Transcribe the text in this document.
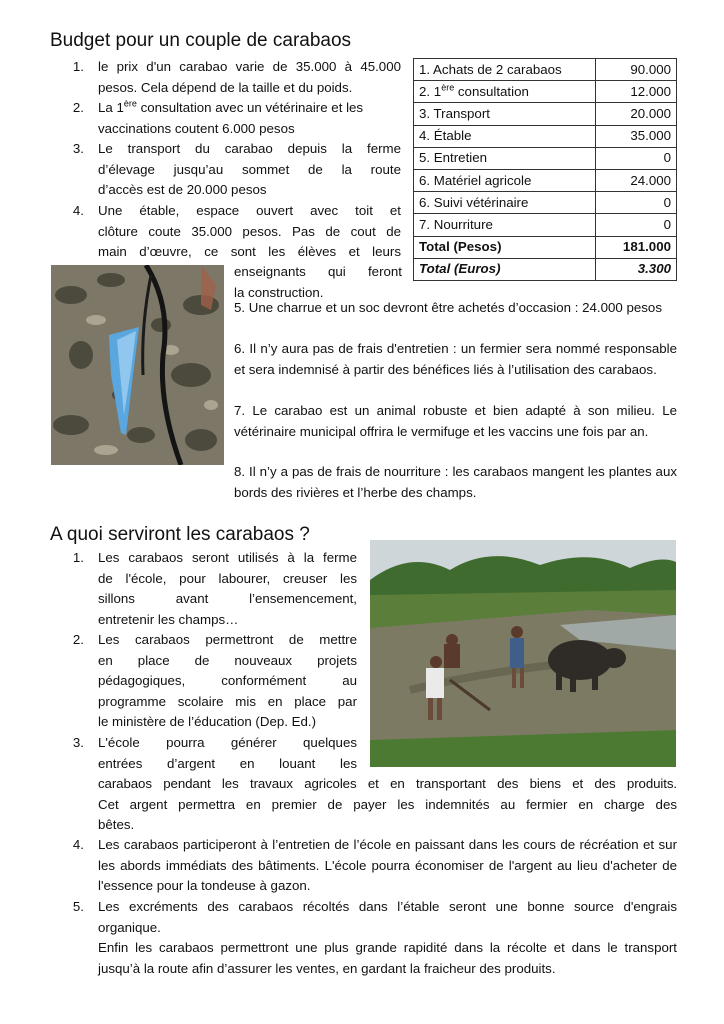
Budget pour un couple de carabaos
1. le prix d'un carabao varie de 35.000 à 45.000
pesos. Cela dépend de la taille et du poids.
2. La 1ère consultation avec un vétérinaire et les
vaccinations coutent 6.000 pesos
3. Le transport du carabao depuis la ferme
d’élevage jusqu’au sommet de la route
d’accès est de 20.000 pesos
4. Une étable, espace ouvert avec toit et
clôture coute 35.000 pesos. Pas de cout de
main d’œuvre, ce sont les élèves et leurs
enseignants qui feront
la construction.
1. Achats de 2 carabaos	90.000
2. 1ère consultation	12.000
3. Transport	20.000
4. Étable	35.000
5. Entretien	0
6. Matériel agricole	24.000
6. Suivi vétérinaire	0
7. Nourriture	0
Total (Pesos)	181.000
Total (Euros)	3.300
5. Une charrue et un soc devront être achetés d’occasion : 24.000 pesos
6. Il n’y aura pas de frais d'entretien : un fermier sera nommé responsable et sera indemnisé à partir des bénéfices liés à l’utilisation des carabaos.
7. Le carabao est un animal robuste et bien adapté à son milieu. Le vétérinaire municipal offrira le vermifuge et les vaccins une fois par an.
8. Il n’y a pas de frais de nourriture : les carabaos mangent les plantes aux bords des rivières et l’herbe des champs.
A quoi serviront les carabaos ?
1. Les carabaos seront utilisés à la ferme
de l'école, pour labourer, creuser les
sillons avant l’ensemencement,
entretenir les champs…
2. Les carabaos permettront de mettre
en place de nouveaux projets
pédagogiques, conformément au
programme scolaire mis en place par
le ministère de l’éducation (Dep. Ed.)
3. L'école pourra générer quelques
entrées d’argent en louant les
carabaos pendant les travaux agricoles et en transportant des biens et des produits.
Cet argent permettra en premier de payer les indemnités au fermier en charge des
bêtes.
4. Les carabaos participeront à l’entretien de l’école en paissant dans les cours de récréation et sur les abords immédiats des bâtiments. L'école pourra économiser de l'argent au lieu d'acheter de l'essence pour la tondeuse à gazon.
5. Les excréments des carabaos récoltés dans l’étable seront une bonne source d'engrais organique.
Enfin les carabaos permettront une plus grande rapidité dans la récolte et dans le transport jusqu’à la route afin d’assurer les ventes, en gardant la fraicheur des produits.
